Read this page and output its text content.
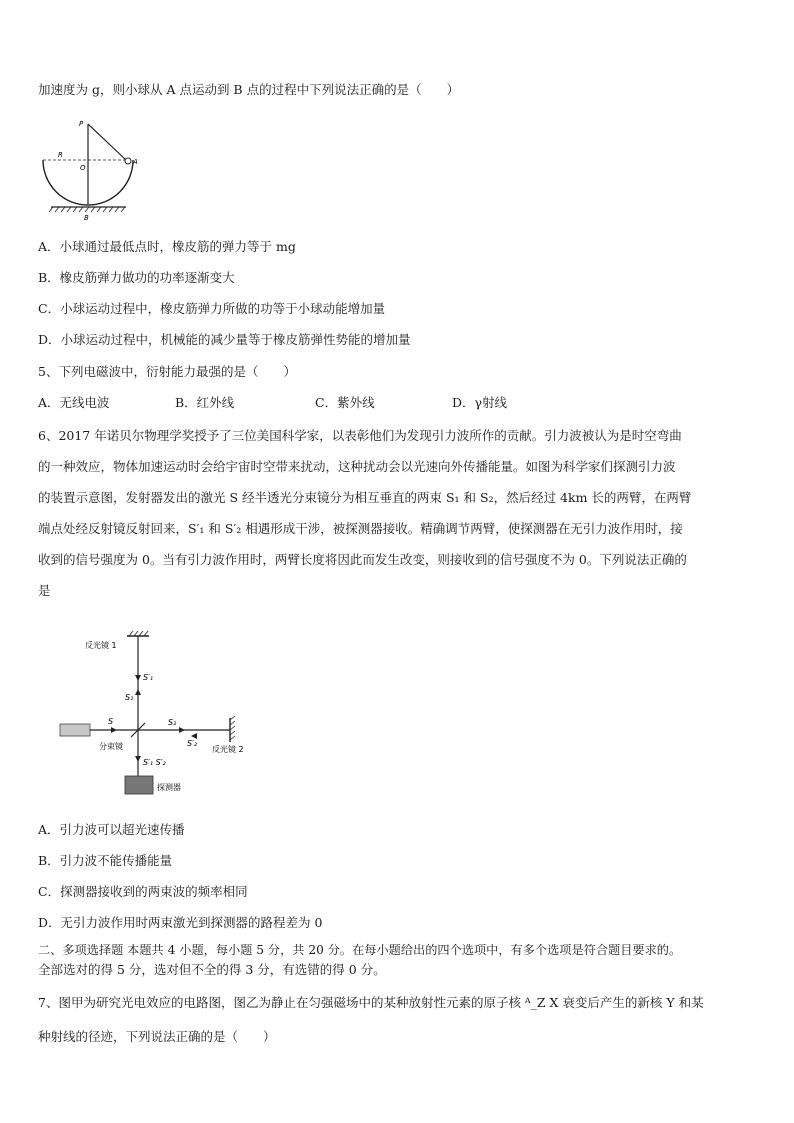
加速度为 g，则小球从 A 点运动到 B 点的过程中下列说法正确的是（　　）
P
R
O
A
B
A．小球通过最低点时，橡皮筋的弹力等于 mg
B．橡皮筋弹力做功的功率逐渐变大
C．小球运动过程中，橡皮筋弹力所做的功等于小球动能增加量
D．小球运动过程中，机械能的减少量等于橡皮筋弹性势能的增加量
5、下列电磁波中，衍射能力最强的是（　　）
A．无线电波	B．红外线	C．紫外线	D．γ射线
6、2017 年诺贝尔物理学奖授予了三位美国科学家，以表彰他们为发现引力波所作的贡献。引力波被认为是时空弯曲
的一种效应，物体加速运动时会给宇宙时空带来扰动，这种扰动会以光速向外传播能量。如图为科学家们探测引力波
的装置示意图，发射器发出的激光 S 经半透光分束镜分为相互垂直的两束 S₁ 和 S₂，然后经过 4km 长的两臂，在两臂
端点处经反射镜反射回来，S′₁ 和 S′₂ 相遇形成干涉，被探测器接收。精确调节两臂，使探测器在无引力波作用时，接
收到的信号强度为 0。当有引力波作用时，两臂长度将因此而发生改变，则接收到的信号强度不为 0。下列说法正确的
是
反光镜 1
S′₁
S₁
S
分束镜
S₂
S′₂
反光镜 2
S′₁ S′₂
探测器
A．引力波可以超光速传播
B．引力波不能传播能量
C．探测器接收到的两束波的频率相同
D．无引力波作用时两束激光到探测器的路程差为 0
二、多项选择题 本题共 4 小题，每小题 5 分，共 20 分。在每小题给出的四个选项中，有多个选项是符合题目要求的。
全部选对的得 5 分，选对但不全的得 3 分，有选错的得 0 分。
7、图甲为研究光电效应的电路图，图乙为静止在匀强磁场中的某种放射性元素的原子核 ᴬ_Z X 衰变后产生的新核 Y 和某
种射线的径迹，下列说法正确的是（　　）
